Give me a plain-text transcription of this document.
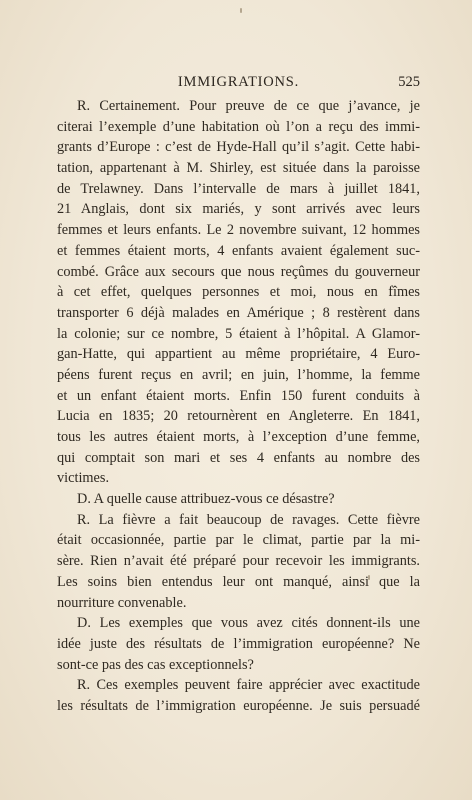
IMMIGRATIONS.	525
R. Certainement. Pour preuve de ce que j’avance, je
citerai l’exemple d’une habitation où l’on a reçu des immi-
grants d’Europe : c’est de Hyde-Hall qu’il s’agit. Cette habi-
tation, appartenant à M. Shirley, est située dans la paroisse
de Trelawney. Dans l’intervalle de mars à juillet 1841,
21 Anglais, dont six mariés, y sont arrivés avec leurs
femmes et leurs enfants. Le 2 novembre suivant, 12 hommes
et femmes étaient morts, 4 enfants avaient également suc-
combé. Grâce aux secours que nous reçûmes du gouverneur
à cet effet, quelques personnes et moi, nous en fîmes
transporter 6 déjà malades en Amérique ; 8 restèrent dans
la colonie; sur ce nombre, 5 étaient à l’hôpital. A Glamor-
gan-Hatte, qui appartient au même propriétaire, 4 Euro-
péens furent reçus en avril; en juin, l’homme, la femme
et un enfant étaient morts. Enfin 150 furent conduits à
Lucia en 1835; 20 retournèrent en Angleterre. En 1841,
tous les autres étaient morts, à l’exception d’une femme,
qui comptait son mari et ses 4 enfants au nombre des
victimes.
D. A quelle cause attribuez-vous ce désastre?
R. La fièvre a fait beaucoup de ravages. Cette fièvre
était occasionnée, partie par le climat, partie par la mi-
sère. Rien n’avait été préparé pour recevoir les immigrants.
Les soins bien entendus leur ont manqué, ainsi que la
nourriture convenable.
D. Les exemples que vous avez cités donnent-ils une
idée juste des résultats de l’immigration européenne? Ne
sont-ce pas des cas exceptionnels?
R. Ces exemples peuvent faire apprécier avec exactitude
les résultats de l’immigration européenne. Je suis persuadé
